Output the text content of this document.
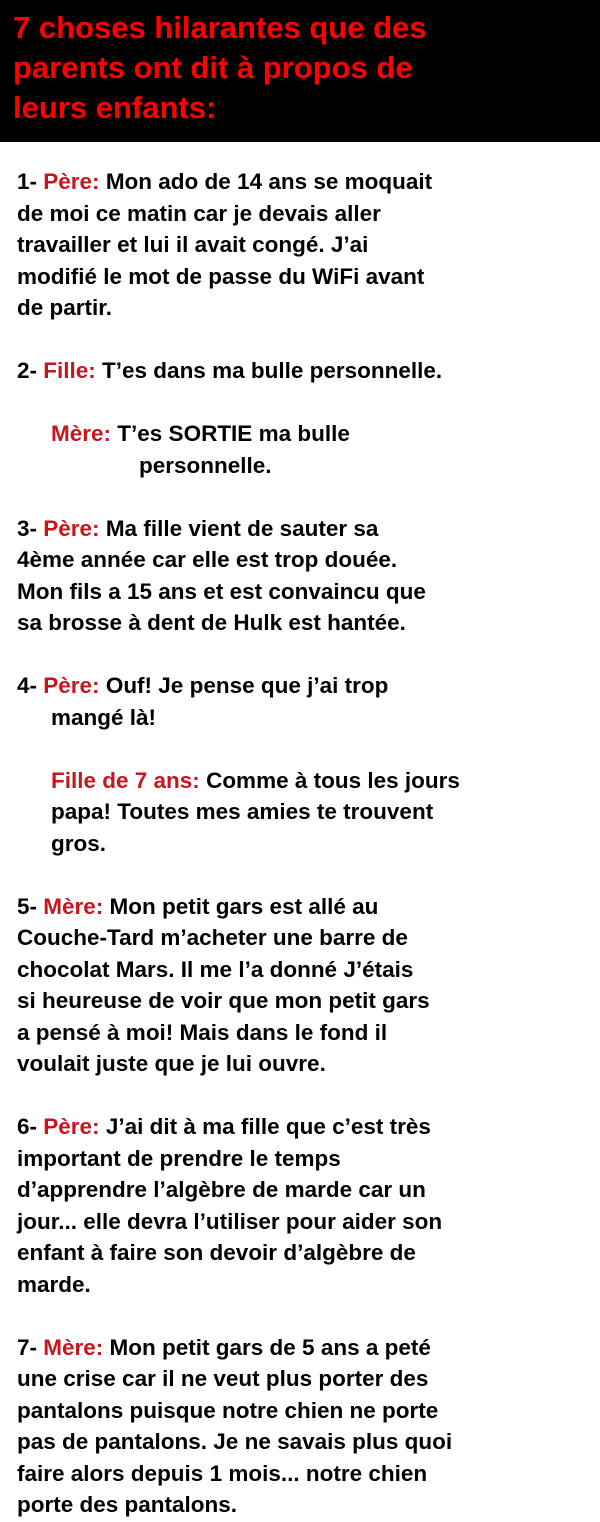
7 choses hilarantes que des
parents ont dit à propos de
leurs enfants:
1- Père: Mon ado de 14 ans se moquait
de moi ce matin car je devais aller
travailler et lui il avait congé. J’ai
modifié le mot de passe du WiFi avant
de partir.
2- Fille: T’es dans ma bulle personnelle.
Mère: T’es SORTIE ma bulle
personnelle.
3- Père: Ma fille vient de sauter sa
4ème année car elle est trop douée.
Mon fils a 15 ans et est convaincu que
sa brosse à dent de Hulk est hantée.
4- Père: Ouf! Je pense que j’ai trop
mangé là!
Fille de 7 ans: Comme à tous les jours
papa! Toutes mes amies te trouvent
gros.
5- Mère: Mon petit gars est allé au
Couche-Tard m’acheter une barre de
chocolat Mars. Il me l’a donné J’étais
si heureuse de voir que mon petit gars
a pensé à moi! Mais dans le fond il
voulait juste que je lui ouvre.
6- Père: J’ai dit à ma fille que c’est très
important de prendre le temps
d’apprendre l’algèbre de marde car un
jour... elle devra l’utiliser pour aider son
enfant à faire son devoir d’algèbre de
marde.
7- Mère: Mon petit gars de 5 ans a peté
une crise car il ne veut plus porter des
pantalons puisque notre chien ne porte
pas de pantalons. Je ne savais plus quoi
faire alors depuis 1 mois... notre chien
porte des pantalons.
